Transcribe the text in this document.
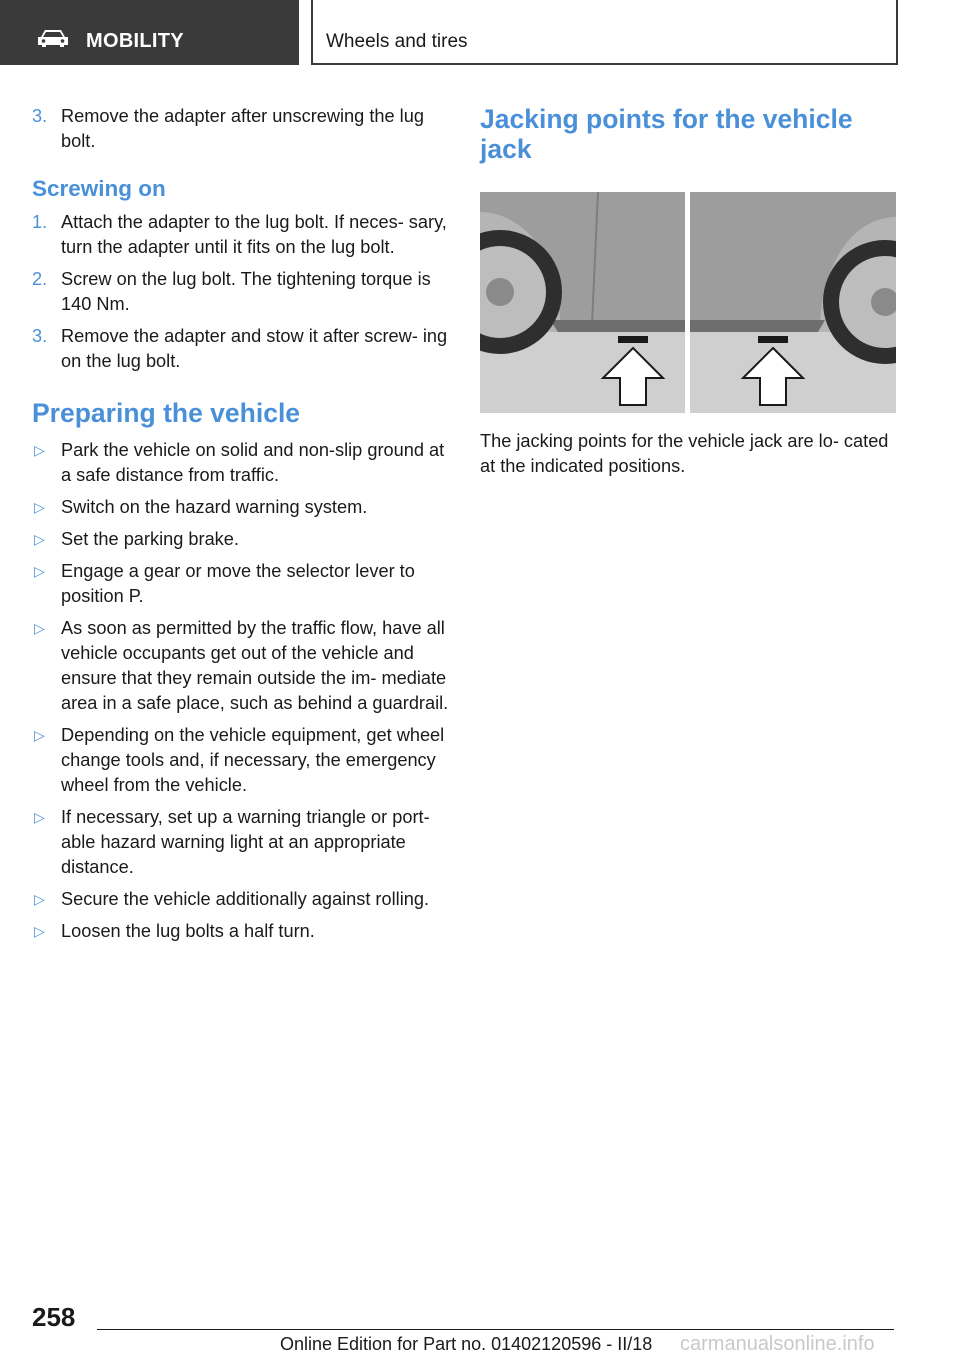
MOBILITY	Wheels and tires
3. Remove the adapter after unscrewing the lug bolt.
Screwing on
1. Attach the adapter to the lug bolt. If neces- sary, turn the adapter until it fits on the lug bolt.
2. Screw on the lug bolt. The tightening torque is 140 Nm.
3. Remove the adapter and stow it after screw- ing on the lug bolt.
Preparing the vehicle
▷ Park the vehicle on solid and non-slip ground at a safe distance from traffic.
▷ Switch on the hazard warning system.
▷ Set the parking brake.
▷ Engage a gear or move the selector lever to position P.
▷ As soon as permitted by the traffic flow, have all vehicle occupants get out of the vehicle and ensure that they remain outside the im- mediate area in a safe place, such as behind a guardrail.
▷ Depending on the vehicle equipment, get wheel change tools and, if necessary, the emergency wheel from the vehicle.
▷ If necessary, set up a warning triangle or port- able hazard warning light at an appropriate distance.
▷ Secure the vehicle additionally against rolling.
▷ Loosen the lug bolts a half turn.
Jacking points for the vehicle jack
The jacking points for the vehicle jack are lo- cated at the indicated positions.
258
Online Edition for Part no. 01402120596 - II/18 carmanualsonline.info
